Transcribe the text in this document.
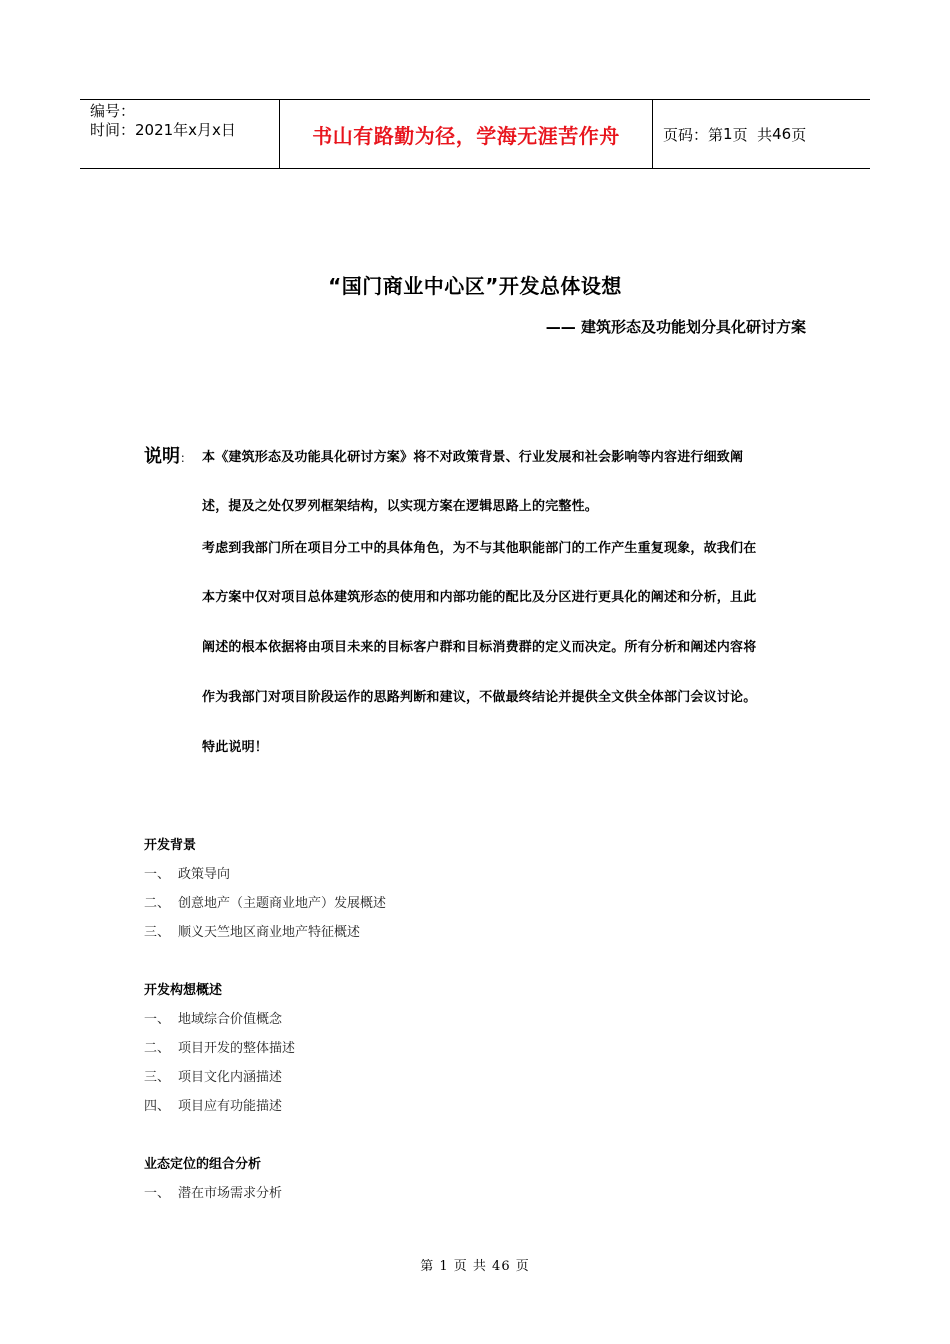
编号：
时间：2021年x月x日	书山有路勤为径，学海无涯苦作舟	页码：第 1 页  共 46 页
“国门商业中心区”开发总体设想
—— 建筑形态及功能划分具化研讨方案
说明： 本《建筑形态及功能具化研讨方案》将不对政策背景、行业发展和社会影响等内容进行细致阐
述，提及之处仅罗列框架结构，以实现方案在逻辑思路上的完整性。
考虑到我部门所在项目分工中的具体角色，为不与其他职能部门的工作产生重复现象，故我们在
本方案中仅对项目总体建筑形态的使用和内部功能的配比及分区进行更具化的阐述和分析，且此
阐述的根本依据将由项目未来的目标客户群和目标消费群的定义而决定。所有分析和阐述内容将
作为我部门对项目阶段运作的思路判断和建议，不做最终结论并提供全文供全体部门会议讨论。
特此说明！
开发背景
一、 政策导向
二、 创意地产（主题商业地产）发展概述
三、 顺义天竺地区商业地产特征概述
开发构想概述
一、 地域综合价值概念
二、 项目开发的整体描述
三、 项目文化内涵描述
四、 项目应有功能描述
业态定位的组合分析
一、 潜在市场需求分析
第 1 页 共 46 页
